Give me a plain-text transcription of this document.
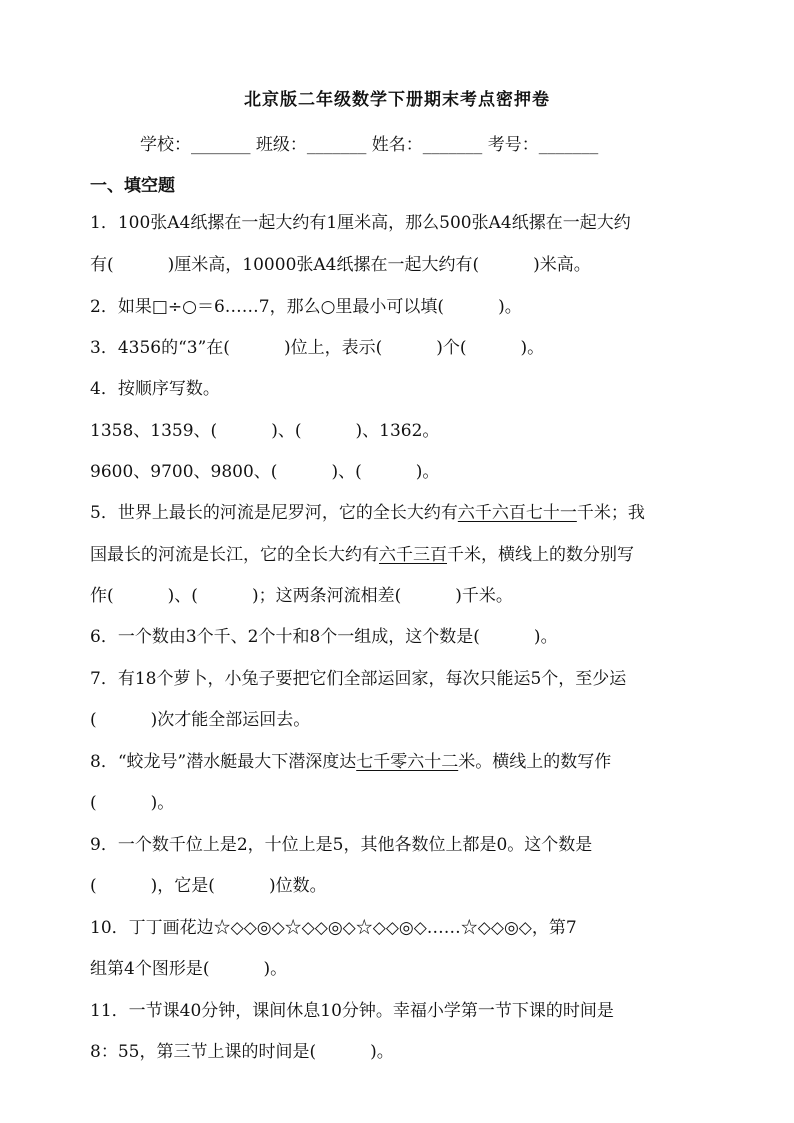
北京版二年级数学下册期末考点密押卷
学校：_______ 班级：_______ 姓名：_______ 考号：_______
一、填空题
1．100张A4纸摞在一起大约有1厘米高，那么500张A4纸摞在一起大约
有(          )厘米高，10000张A4纸摞在一起大约有(          )米高。
2．如果□÷○＝6……7，那么○里最小可以填(          )。
3．4356的“3”在(          )位上，表示(          )个(          )。
4．按顺序写数。
1358、1359、(          )、(          )、1362。
9600、9700、9800、(          )、(          )。
5．世界上最长的河流是尼罗河，它的全长大约有六千六百七十一千米；我
国最长的河流是长江，它的全长大约有六千三百千米，横线上的数分别写
作(          )、(          )；这两条河流相差(          )千米。
6．一个数由3个千、2个十和8个一组成，这个数是(          )。
7．有18个萝卜，小兔子要把它们全部运回家，每次只能运5个，至少运
(          )次才能全部运回去。
8．“蛟龙号”潜水艇最大下潜深度达七千零六十二米。横线上的数写作
(          )。
9．一个数千位上是2，十位上是5，其他各数位上都是0。这个数是
(          )，它是(          )位数。
10．丁丁画花边☆◇◇◎◇☆◇◇◎◇☆◇◇◎◇……☆◇◇◎◇，第7
组第4个图形是(          )。
11．一节课40分钟，课间休息10分钟。幸福小学第一节下课的时间是
8：55，第三节上课的时间是(          )。
